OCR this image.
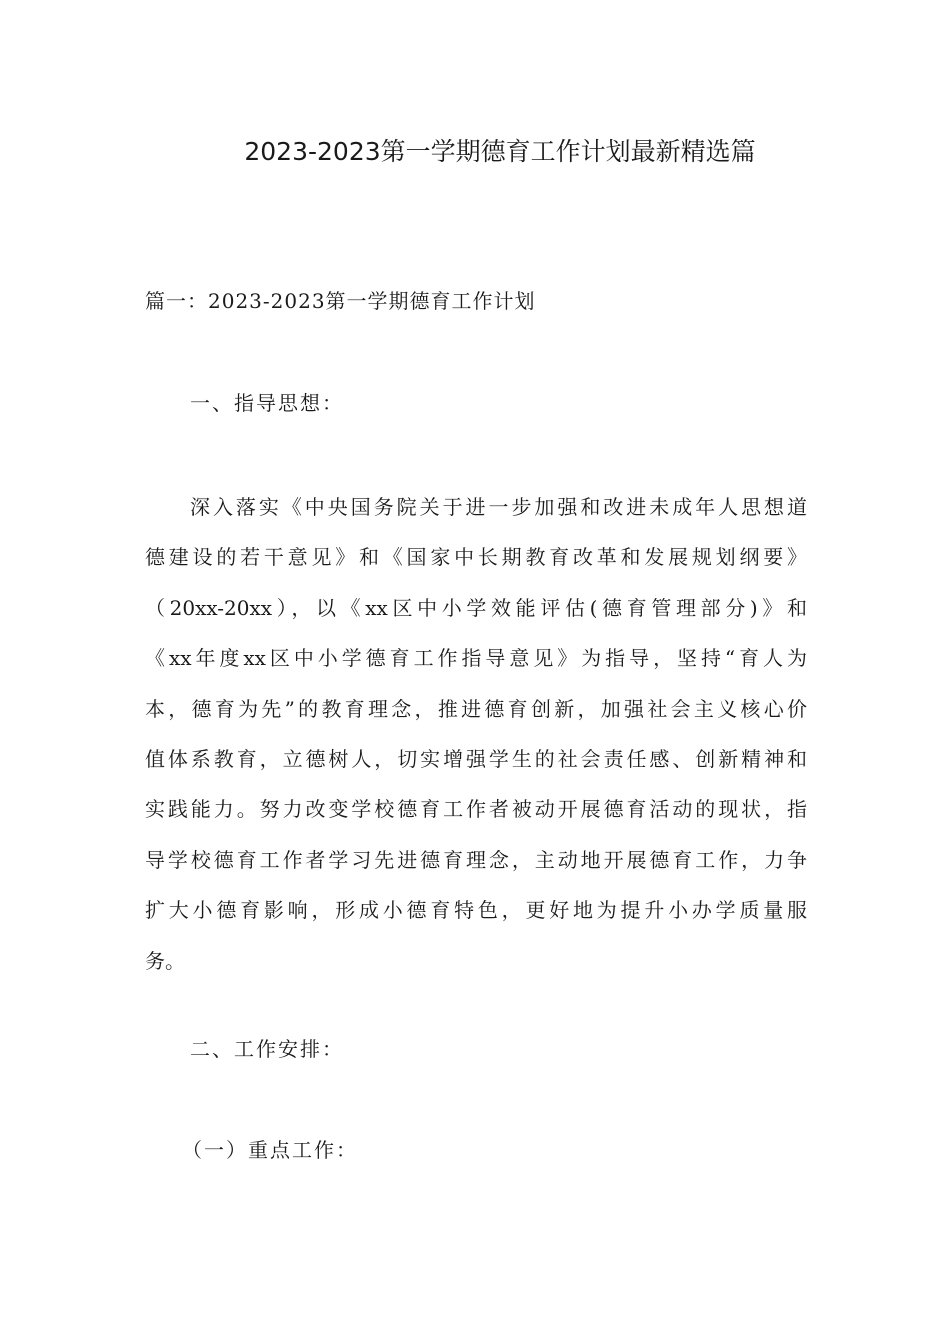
2023-2023第一学期德育工作计划最新精选篇
篇一：2023-2023第一学期德育工作计划
一、指导思想：

深入落实《中央国务院关于进一步加强和改进未成年人思想道
德建设的若干意见》和《国家中长期教育改革和发展规划纲要》
（20xx-20xx），以《xx区中小学效能评估(德育管理部分)》和
《xx年度xx区中小学德育工作指导意见》为指导，坚持“育人为
本，德育为先”的教育理念，推进德育创新，加强社会主义核心价
值体系教育，立德树人，切实增强学生的社会责任感、创新精神和
实践能力。努力改变学校德育工作者被动开展德育活动的现状，指
导学校德育工作者学习先进德育理念，主动地开展德育工作，力争
扩大小德育影响，形成小德育特色，更好地为提升小办学质量服
务。

二、工作安排：
（一）重点工作：
